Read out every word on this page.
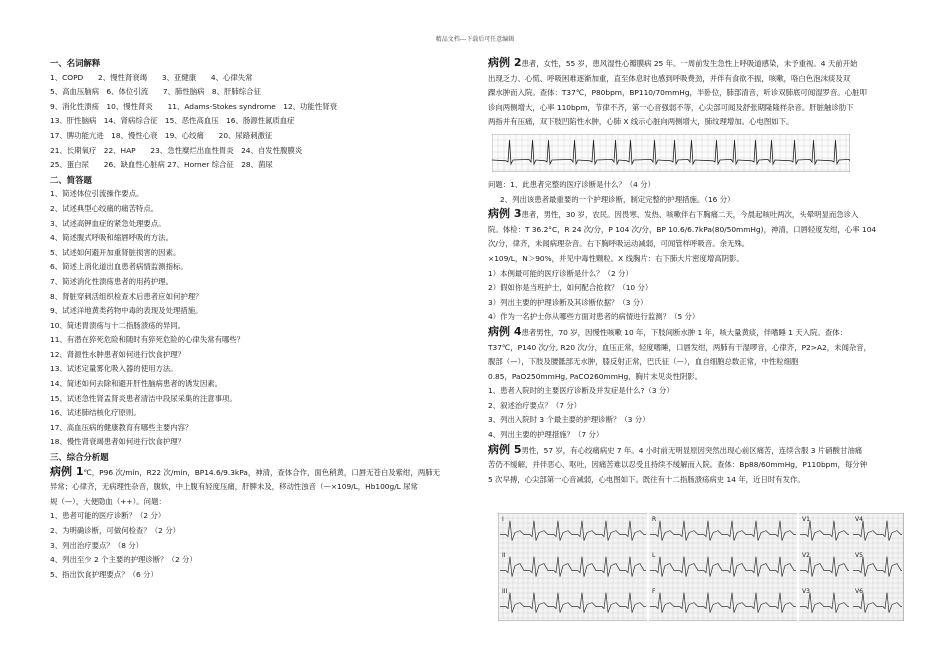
精品文档---下载后可任意编辑
一、名词解释
1、COPD　　2、慢性肾衰竭　　3、亚健康　　4、心律失常
5、高血压脑病　6、体位引流　　7、肺性脑病　8、肝肺综合征
9、消化性溃疡　10、慢性肾炎　　11、Adams-Stokes syndrome　12、功能性肾衰
13、肝性脑病　14、肾病综合征　15、恶性高血压　16、肠源性氮质血症
17、脾功能亢进　18、慢性心衰　19、心绞痛　　20、尿路刺激征
21、长期氧疗　22、HAP　　23、急性糜烂出血性胃炎　24、自发性腹膜炎
25、蛋白尿　　26、缺血性心脏病 27、Horner 综合征　28、菌尿
二、简答题
1、简述体位引流操作要点。
2、试述典型心绞痛的痛苦特点。
3、试述高钾血症的紧急处理要点。
4、简述腹式呼吸和缩唇呼吸的方法。
5、试述如何避开加重肾脏损害的因素。
6、简述上消化道出血患者病情监测指标。
7、简述消化性溃疡患者的用药护理。
8、肾脏穿刺活组织检查术后患者应如何护理？
9、试述洋地黄类药物中毒的表现及处理措施。
10、简述胃溃疡与十二指肠溃疡的异同。
11、有潜在猝死危险和随时有猝死危险的心律失常有哪些？
12、肾源性水肿患者如何进行饮食护理？
13、试述定量雾化吸入器的使用方法。
14、简述如何去除和避开肝性脑病患者的诱发因素。
15、试述急性肾盂肾炎患者清洁中段尿采集的注意事项。
16、试述肺结核化疗原则。
17、高血压病的健康教育有哪些主要内容？
18、慢性肾衰竭患者如何进行饮食护理？
三、综合分析题
病例 1℃，P96 次/min，R22 次/min，BP14.6/9.3kPa，神清，查体合作，面色稍黄，口唇无苍白及紫绀，两肺无
异常；心律齐，无病理性杂音，腹软，中上腹有轻度压痛，肝脾未及，移动性浊音（—×109/L，Hb100g/L 尿常
规（—），大便隐血（++）。问题：
1、患者可能的医疗诊断？（2 分）
2、为明确诊断，可做何检查？（2 分）
3、列出治疗要点？（8 分）
4、列出至少 2 个主要的护理诊断？（2 分）
5、指出饮食护理要点？（6 分）
病例 2患者，女性，55 岁，患风湿性心瓣膜病 25 年。一周前发生急性上呼吸道感染，未予重视。4 天前开始
出现乏力、心慌、呼吸困难逐渐加重，直至体息时也感到呼吸费劲，并伴有食欲不振，咳嗽，咯白色泡沫痰及双
踝水肿而入院。查体：T37℃，P80bpm，BP110/70mmHg，半卧位，肺部清音，听诊双肺底可闻湿罗音。心脏叩
诊向两侧增大，心率 110bpm，节律不齐，第一心音强弱不等，心尖部可闻及舒张期隆隆样杂音。肝脏触诊肋下
两指并有压痛，双下肢凹陷性水肿，心肺 X 线示心脏向两侧增大，肺纹理增加。心电图如下。
问题：1、此患者完整的医疗诊断是什么？（4 分）
2、列出该患者最重要的一个护理诊断，制定完整的护理措施。（16 分）
病例 3患者，男性，30 岁，农民。因畏寒、发热、咳嗽伴右下胸痛二天，今晨起咳吐两次，头晕明显而急诊入
院。体检：T 36.2°C，R 24 次/分，P 104 次/分，BP 10.6/6.7kPa(80/50mmHg)，神清，口唇轻度发绀，心率 104
次/分，律齐，未闻病理杂音。右下胸呼吸运动减弱，可闻管样呼吸音。余无殊。
×109/L，N＞90%，并见中毒性颗粒。X 线胸片：右下肺大片密度增高阴影。
1）本例最可能的医疗诊断是什么？（2 分）
2）假如你是当班护士，如何配合抢救？（10 分）
3）列出主要的护理诊断及其诊断依据？（3 分）
4）作为一名护士你从哪些方面对患者的病情进行监测？（5 分）
病例 4患者男性，70 岁，因慢性咳嗽 10 年，下肢间断水肿 1 年，咳大量黄痰，伴嗜睡 1 天入院。查体：
T37℃，P140 次/分, R20 次/分，血压正常，轻度嗜睡，口唇发绀，两肺有干湿啰音，心律齐，P2>A2，未闻杂音，
腹部（—），下肢及腰骶部无水肿，膝反射正常，巴氏征（—），血自细胞总数正常，中性粒细胞
0.85，PaO250mmHg, PaCO260mmHg，胸片未见炎性阴影。
1、患者入院时的主要医疗诊断及并发症是什么?（3 分）
2、叙述治疗要点？（7 分）
3、列出入院时 3 个最主要的护理诊断？（3 分）
4、列出主要的护理措施？（7 分）
病例 5男性，57 岁，有心绞痛病史 7 年。4 小时前无明显原因突然出现心前区痛苦，连续含服 3 片硝酸甘油痛
苦仍不缓解，并伴恶心、呕吐，因痛苦难以忍受且持续不缓解而入院。查体：Bp88/60mmHg，P110bpm，每分钟
5 次早搏，心尖部第一心音减弱，心电图如下。既往有十二指肠溃疡病史 14 年，近日时有发作。
I
II
III
R
L
F
V1
V2
V3
V4
V5
V6
